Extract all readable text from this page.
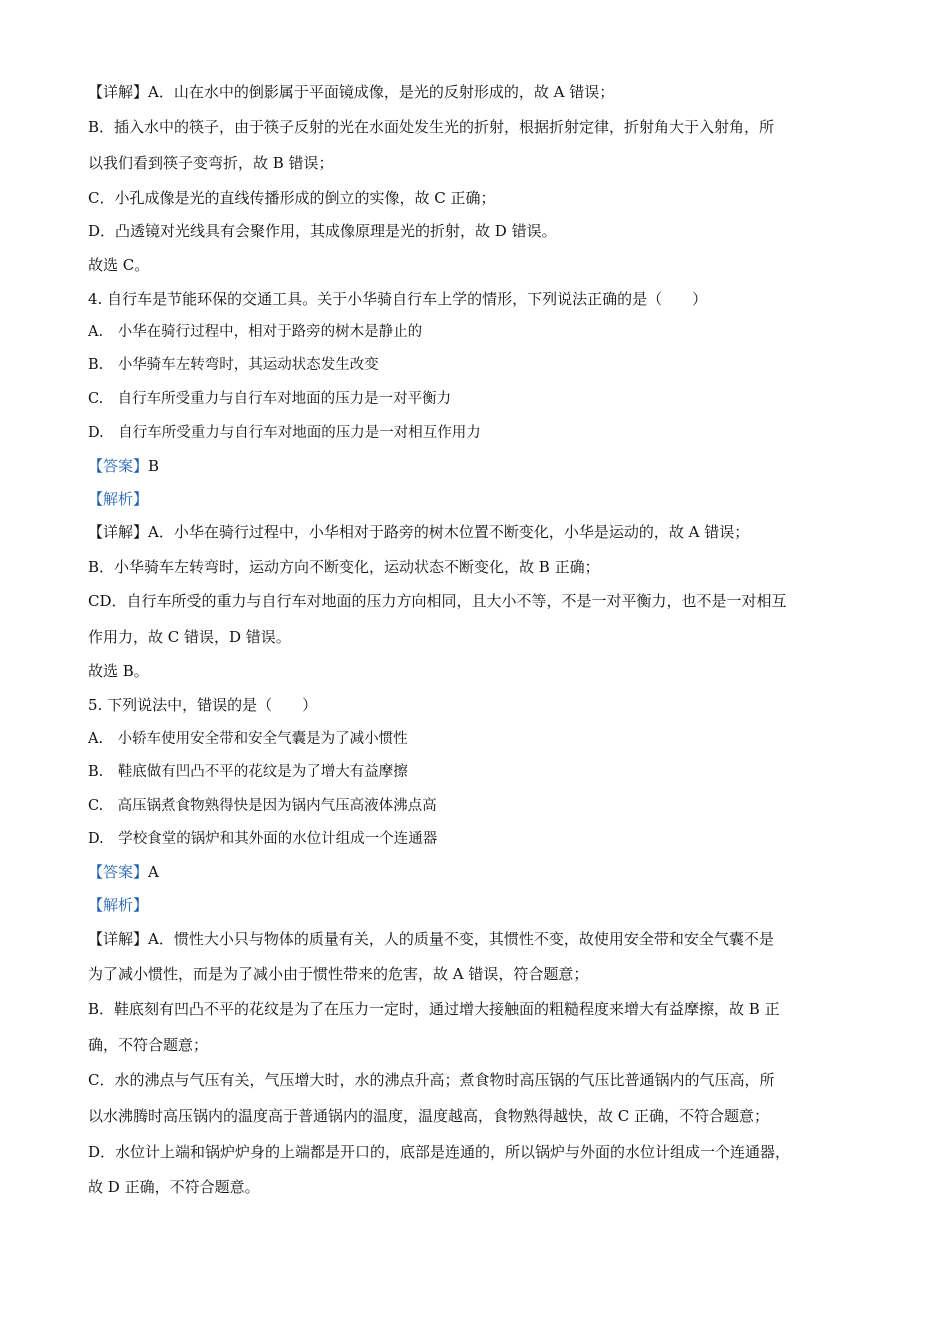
【详解】A．山在水中的倒影属于平面镜成像，是光的反射形成的，故 A 错误；
B．插入水中的筷子，由于筷子反射的光在水面处发生光的折射，根据折射定律，折射角大于入射角，所
以我们看到筷子变弯折，故 B 错误；
C．小孔成像是光的直线传播形成的倒立的实像，故 C 正确；
D．凸透镜对光线具有会聚作用，其成像原理是光的折射，故 D 错误。
故选 C。
4. 自行车是节能环保的交通工具。关于小华骑自行车上学的情形，下列说法正确的是（　　）
A.　小华在骑行过程中，相对于路旁的树木是静止的
B.　小华骑车左转弯时，其运动状态发生改变
C.　自行车所受重力与自行车对地面的压力是一对平衡力
D.　自行车所受重力与自行车对地面的压力是一对相互作用力
【答案】B
【解析】
【详解】A．小华在骑行过程中，小华相对于路旁的树木位置不断变化，小华是运动的，故 A 错误；
B．小华骑车左转弯时，运动方向不断变化，运动状态不断变化，故 B 正确；
CD．自行车所受的重力与自行车对地面的压力方向相同，且大小不等，不是一对平衡力，也不是一对相互
作用力，故 C 错误，D 错误。
故选 B。
5. 下列说法中，错误的是（　　）
A.　小轿车使用安全带和安全气囊是为了减小惯性
B.　鞋底做有凹凸不平的花纹是为了增大有益摩擦
C.　高压锅煮食物熟得快是因为锅内气压高液体沸点高
D.　学校食堂的锅炉和其外面的水位计组成一个连通器
【答案】A
【解析】
【详解】A．惯性大小只与物体的质量有关，人的质量不变，其惯性不变，故使用安全带和安全气囊不是
为了减小惯性，而是为了减小由于惯性带来的危害，故 A 错误，符合题意；
B．鞋底刻有凹凸不平的花纹是为了在压力一定时，通过增大接触面的粗糙程度来增大有益摩擦，故 B 正
确，不符合题意；
C．水的沸点与气压有关，气压增大时，水的沸点升高；煮食物时高压锅的气压比普通锅内的气压高，所
以水沸腾时高压锅内的温度高于普通锅内的温度，温度越高，食物熟得越快，故 C 正确，不符合题意；
D．水位计上端和锅炉炉身的上端都是开口的，底部是连通的，所以锅炉与外面的水位计组成一个连通器，
故 D 正确，不符合题意。
